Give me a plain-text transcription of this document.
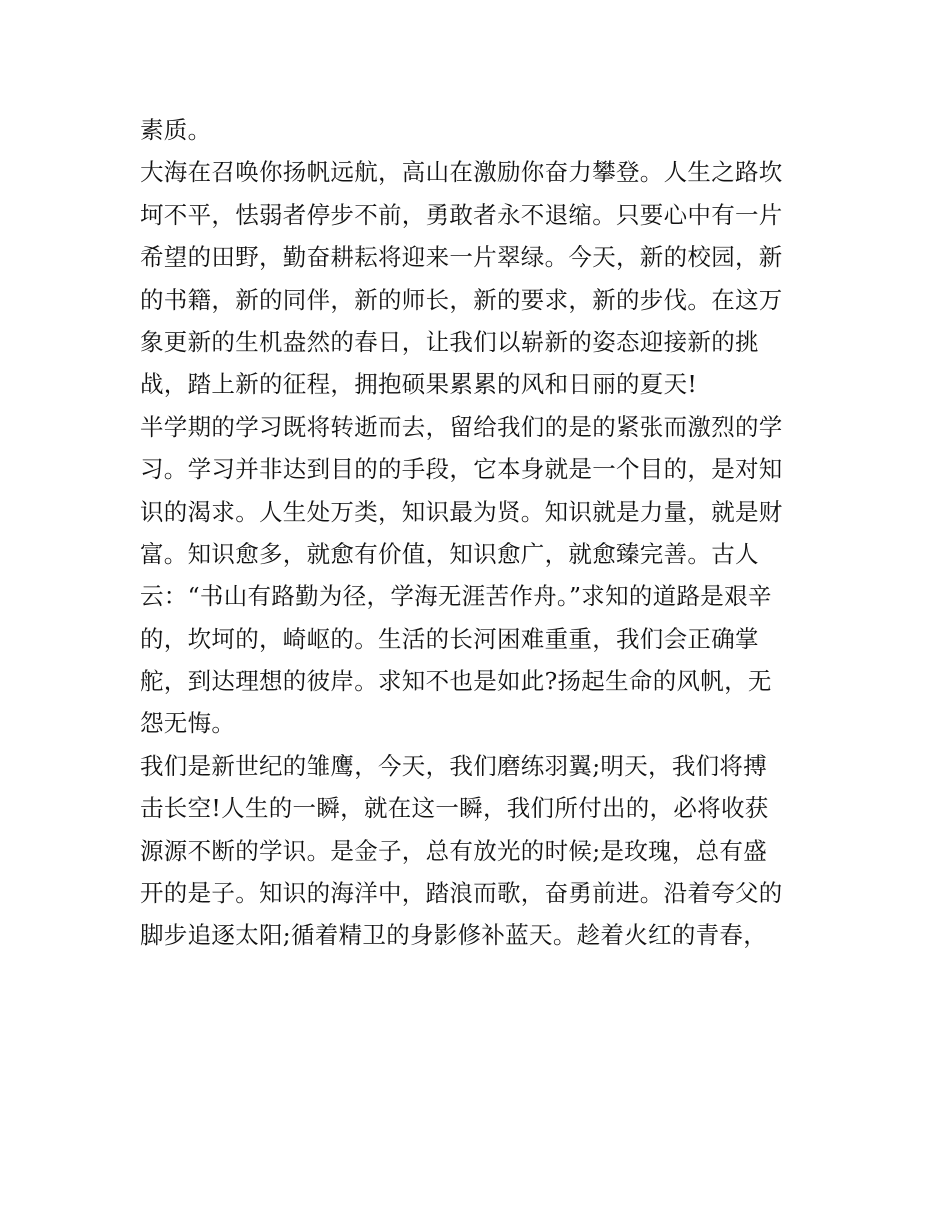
素质。
大海在召唤你扬帆远航，高山在激励你奋力攀登。人生之路坎
坷不平，怯弱者停步不前，勇敢者永不退缩。只要心中有一片
希望的田野，勤奋耕耘将迎来一片翠绿。今天，新的校园，新
的书籍，新的同伴，新的师长，新的要求，新的步伐。在这万
象更新的生机盎然的春日，让我们以崭新的姿态迎接新的挑
战，踏上新的征程，拥抱硕果累累的风和日丽的夏天!
半学期的学习既将转逝而去，留给我们的是的紧张而激烈的学
习。学习并非达到目的的手段，它本身就是一个目的，是对知
识的渴求。人生处万类，知识最为贤。知识就是力量，就是财
富。知识愈多，就愈有价值，知识愈广，就愈臻完善。古人
云：“书山有路勤为径，学海无涯苦作舟。”求知的道路是艰辛
的，坎坷的，崎岖的。生活的长河困难重重，我们会正确掌
舵，到达理想的彼岸。求知不也是如此?扬起生命的风帆，无
怨无悔。
我们是新世纪的雏鹰，今天，我们磨练羽翼;明天，我们将搏
击长空!人生的一瞬，就在这一瞬，我们所付出的，必将收获
源源不断的学识。是金子，总有放光的时候;是玫瑰，总有盛
开的是子。知识的海洋中，踏浪而歌，奋勇前进。沿着夸父的
脚步追逐太阳;循着精卫的身影修补蓝天。趁着火红的青春，
